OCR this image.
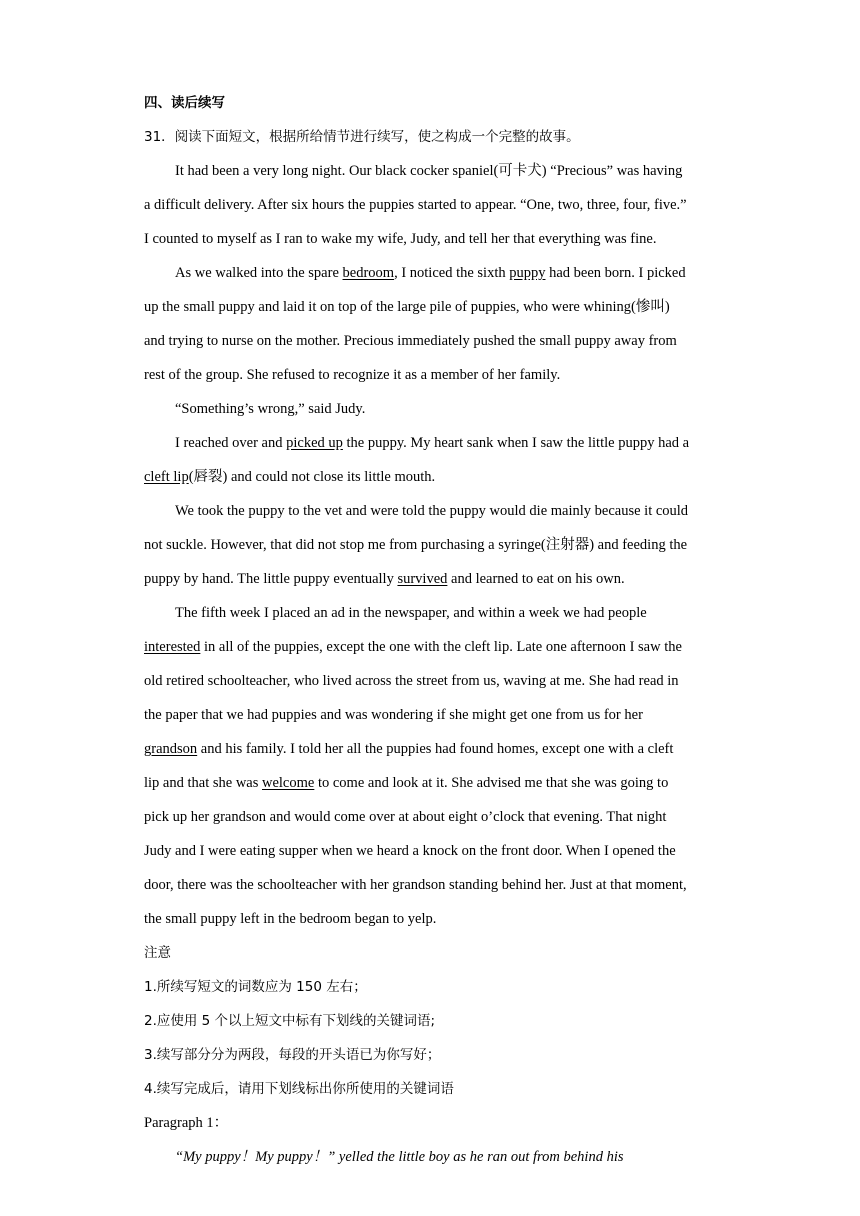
四、读后续写
31．阅读下面短文，根据所给情节进行续写，使之构成一个完整的故事。
It had been a very long night. Our black cocker spaniel(可卡犬) “Precious” was having
a difficult delivery. After six hours the puppies started to appear. “One, two, three, four, five.”
I counted to myself as I ran to wake my wife, Judy, and tell her that everything was fine.
As we walked into the spare bedroom, I noticed the sixth puppy had been born. I picked
up the small puppy and laid it on top of the large pile of puppies, who were whining(惨叫)
and trying to nurse on the mother. Precious immediately pushed the small puppy away from
rest of the group. She refused to recognize it as a member of her family.
“Something’s wrong,” said Judy.
I reached over and picked up the puppy. My heart sank when I saw the little puppy had a
cleft lip(唇裂) and could not close its little mouth.
We took the puppy to the vet and were told the puppy would die mainly because it could
not suckle. However, that did not stop me from purchasing a syringe(注射器) and feeding the
puppy by hand. The little puppy eventually survived and learned to eat on his own.
The fifth week I placed an ad in the newspaper, and within a week we had people
interested in all of the puppies, except the one with the cleft lip. Late one afternoon I saw the
old retired schoolteacher, who lived across the street from us, waving at me. She had read in
the paper that we had puppies and was wondering if she might get one from us for her
grandson and his family. I told her all the puppies had found homes, except one with a cleft
lip and that she was welcome to come and look at it. She advised me that she was going to
pick up her grandson and would come over at about eight o’clock that evening. That night
Judy and I were eating supper when we heard a knock on the front door. When I opened the
door, there was the schoolteacher with her grandson standing behind her. Just at that moment,
the small puppy left in the bedroom began to yelp.
注意
1.所续写短文的词数应为 150 左右；
2.应使用 5 个以上短文中标有下划线的关键词语;
3.续写部分分为两段，每段的开头语已为你写好；
4.续写完成后，请用下划线标出你所使用的关键词语
Paragraph 1：
“My puppy！My puppy！” yelled the little boy as he ran out from behind his
